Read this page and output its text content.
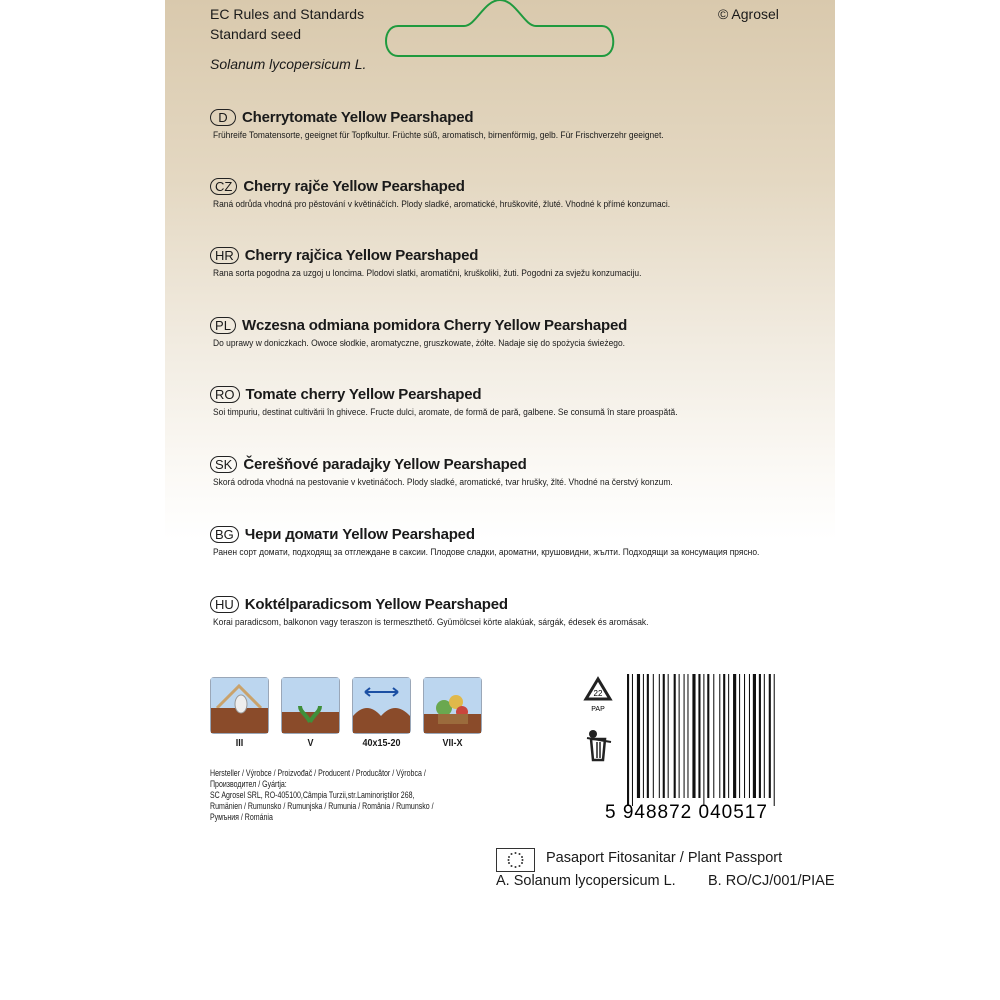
EC Rules and Standards
Standard seed
Solanum lycopersicum L.
© Agrosel
D Cherrytomate Yellow Pearshaped
Frühreife Tomatensorte, geeignet für Topfkultur. Früchte süß, aromatisch, birnenförmig, gelb. Für Frischverzehr geeignet.
CZ Cherry rajče Yellow Pearshaped
Raná odrůda vhodná pro pěstování v květináčích. Plody sladké, aromatické, hruškovité, žluté. Vhodné k přímé konzumaci.
HR Cherry rajčica Yellow Pearshaped
Rana sorta pogodna za uzgoj u loncima. Plodovi slatki, aromatični, kruškoliki, žuti. Pogodni za svježu konzumaciju.
PL Wczesna odmiana pomidora Cherry Yellow Pearshaped
Do uprawy w doniczkach. Owoce słodkie, aromatyczne, gruszkowate, żółte. Nadaje się do spożycia świeżego.
RO Tomate cherry Yellow Pearshaped
Soi timpuriu, destinat cultivării în ghivece. Fructe dulci, aromate, de formă de pară, galbene. Se consumă în stare proaspătă.
SK Čerešňové paradajky Yellow Pearshaped
Skorá odroda vhodná na pestovanie v kvetináčoch. Plody sladké, aromatické, tvar hrušky, žlté. Vhodné na čerstvý konzum.
BG Чери домати Yellow Pearshaped
Ранен сорт домати, подходящ за отглеждане в саксии. Плодове сладки, ароматни, крушовидни, жълти. Подходящи за консумация прясно.
HU Koktélparadicsom Yellow Pearshaped
Korai paradicsom, balkonon vagy teraszon is termeszthető. Gyümölcsei körte alakúak, sárgák, édesek és aromásak.
III	V	40x15-20	VII-X
Hersteller / Výrobce / Proizvođač / Producent / Producător / Výrobca / Производител / Gyártja:
SC Agrosel SRL, RO-405100,Câmpia Turzii,str.Laminoriştilor 268,
Rumänien / Rumunsko / Rumunjska / Rumunia / România / Rumunsko / Румъния / Románia
22
PAP
5 948872 040517
Pasaport Fitosanitar / Plant Passport
A. Solanum lycopersicum L. B. RO/CJ/001/PIAE
